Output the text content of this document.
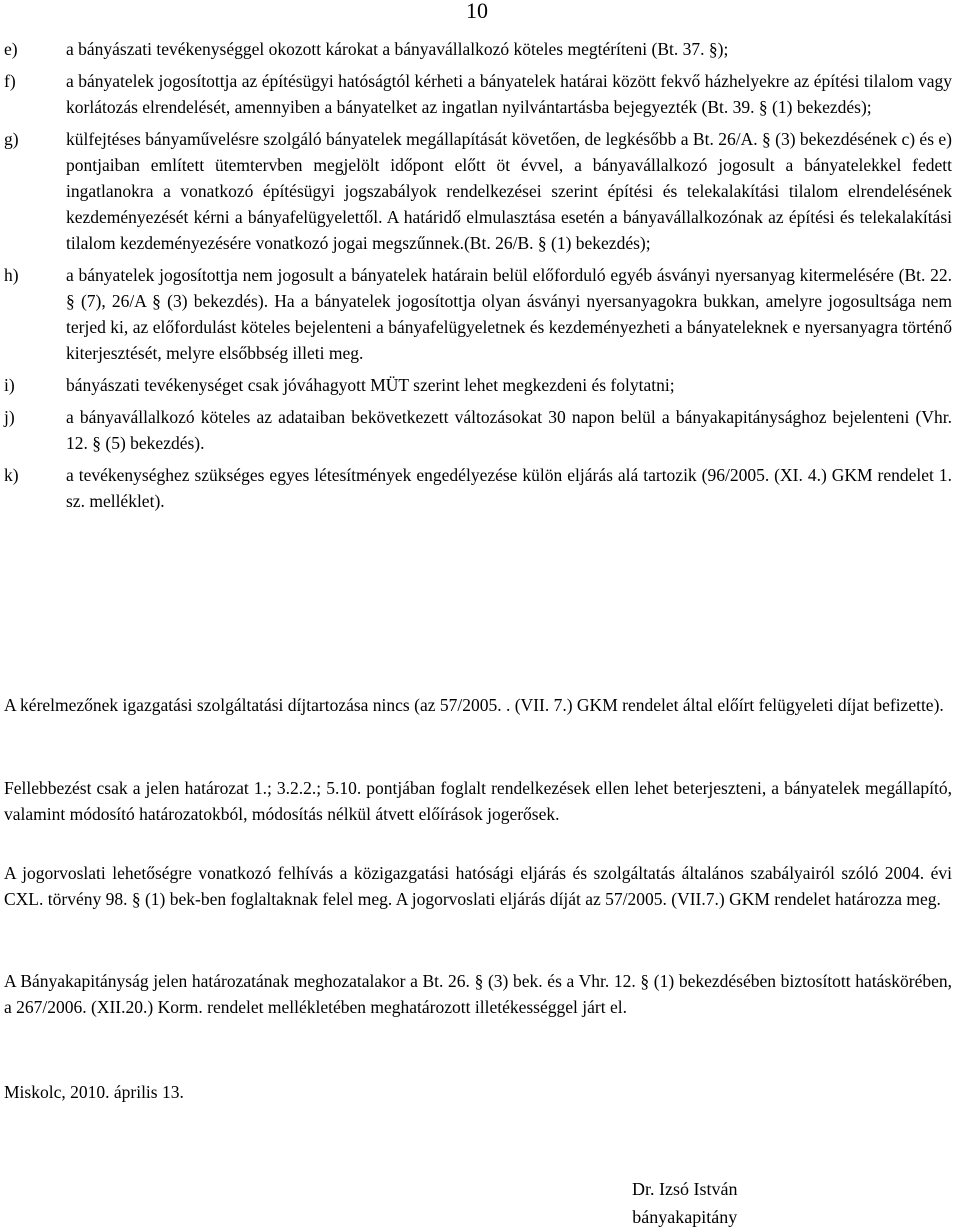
10
e)	a bányászati tevékenységgel okozott károkat a bányavállalkozó köteles megtéríteni (Bt. 37. §);
f)	a bányatelek jogosítottja az építésügyi hatóságtól kérheti a bányatelek határai között fekvő házhelyekre az építési tilalom vagy korlátozás elrendelését, amennyiben a bányatelket az ingatlan nyilvántartásba bejegyezték (Bt. 39. § (1) bekezdés);
g)	külfejtéses bányaművelésre szolgáló bányatelek megállapítását követően, de legkésőbb a Bt. 26/A. § (3) bekezdésének c) és e) pontjaiban említett ütemtervben megjelölt időpont előtt öt évvel, a bányavállalkozó jogosult a bányatelekkel fedett ingatlanokra a vonatkozó építésügyi jogszabályok rendelkezései szerint építési és telekalakítási tilalom elrendelésének kezdeményezését kérni a bányafelügyelettől. A határidő elmulasztása esetén a bányavállalkozónak az építési és telekalakítási tilalom kezdeményezésére vonatkozó jogai megszűnnek.(Bt. 26/B. § (1) bekezdés);
h)	a bányatelek jogosítottja nem jogosult a bányatelek határain belül előforduló egyéb ásványi nyersanyag kitermelésére (Bt. 22. § (7), 26/A § (3) bekezdés). Ha a bányatelek jogosítottja olyan ásványi nyersanyagokra bukkan, amelyre jogosultsága nem terjed ki, az előfordulást köteles bejelenteni a bányafelügyeletnek és kezdeményezheti a bányateleknek e nyersanyagra történő kiterjesztését, melyre elsőbbség illeti meg.
i)	bányászati tevékenységet csak jóváhagyott MÜT szerint lehet megkezdeni és folytatni;
j)	a bányavállalkozó köteles az adataiban bekövetkezett változásokat 30 napon belül a bányakapitánysághoz bejelenteni (Vhr. 12. § (5) bekezdés).
k)	a tevékenységhez szükséges egyes létesítmények engedélyezése külön eljárás alá tartozik (96/2005. (XI. 4.) GKM rendelet 1. sz. melléklet).

A kérelmezőnek igazgatási szolgáltatási díjtartozása nincs (az 57/2005. . (VII. 7.) GKM rendelet által előírt felügyeleti díjat befizette).

Fellebbezést csak a jelen határozat 1.; 3.2.2.; 5.10. pontjában foglalt rendelkezések ellen lehet beterjeszteni, a bányatelek megállapító, valamint módosító határozatokból, módosítás nélkül átvett előírások jogerősek.

A jogorvoslati lehetőségre vonatkozó felhívás a közigazgatási hatósági eljárás és szolgáltatás általános szabályairól szóló 2004. évi CXL. törvény 98. § (1) bek-ben foglaltaknak felel meg. A jogorvoslati eljárás díját az 57/2005. (VII.7.) GKM rendelet határozza meg.

A Bányakapitányság jelen határozatának meghozatalakor a Bt. 26. § (3) bek. és a Vhr. 12. § (1) bekezdésében biztosított hatáskörében, a 267/2006. (XII.20.) Korm. rendelet mellékletében meghatározott illetékességgel járt el.

Miskolc, 2010. április 13.

Dr. Izsó István
bányakapitány
